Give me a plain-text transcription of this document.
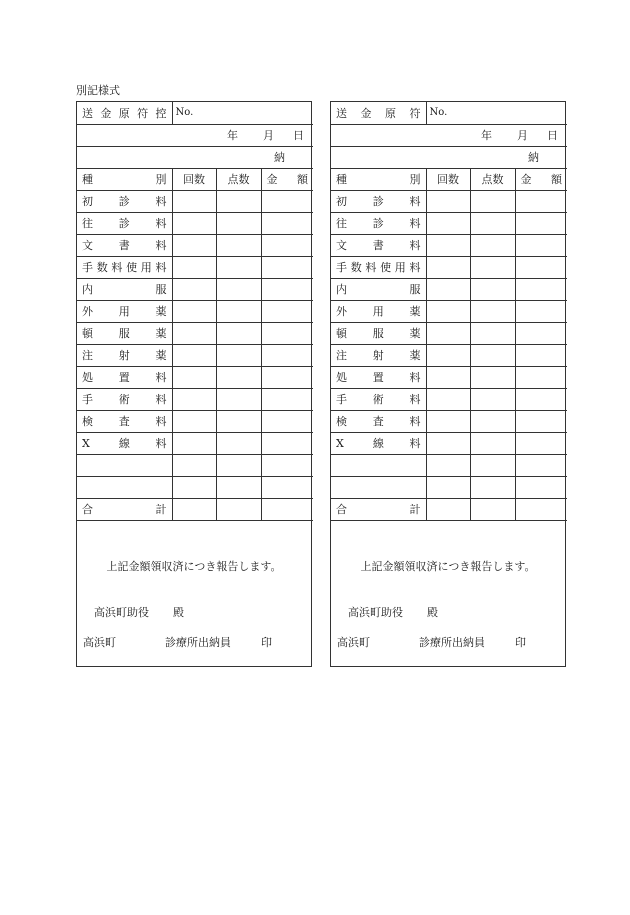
別記様式
送 金 原 符 控	No.		
年 月 日			
納			
種　別	回数	点数	金　額
初診料			
往診料			
文書料			
手数料使用料			
内服			
外用薬			
頓服薬			
注射薬			
処置料			
手術料			
検査料			
X 線料			

合計			
上記金額領収済につき報告します。
高浜町助役 殿
高浜町	診療所出納員	印
送 金 原 符	No.		
年 月 日			
納			
種　別	回数	点数	金　額
初診料			
往診料			
文書料			
手数料使用料			
内服			
外用薬			
頓服薬			
注射薬			
処置料			
手術料			
検査料			
X 線料			

合計			
上記金額領収済につき報告します。
高浜町助役 殿
高浜町	診療所出納員	印
